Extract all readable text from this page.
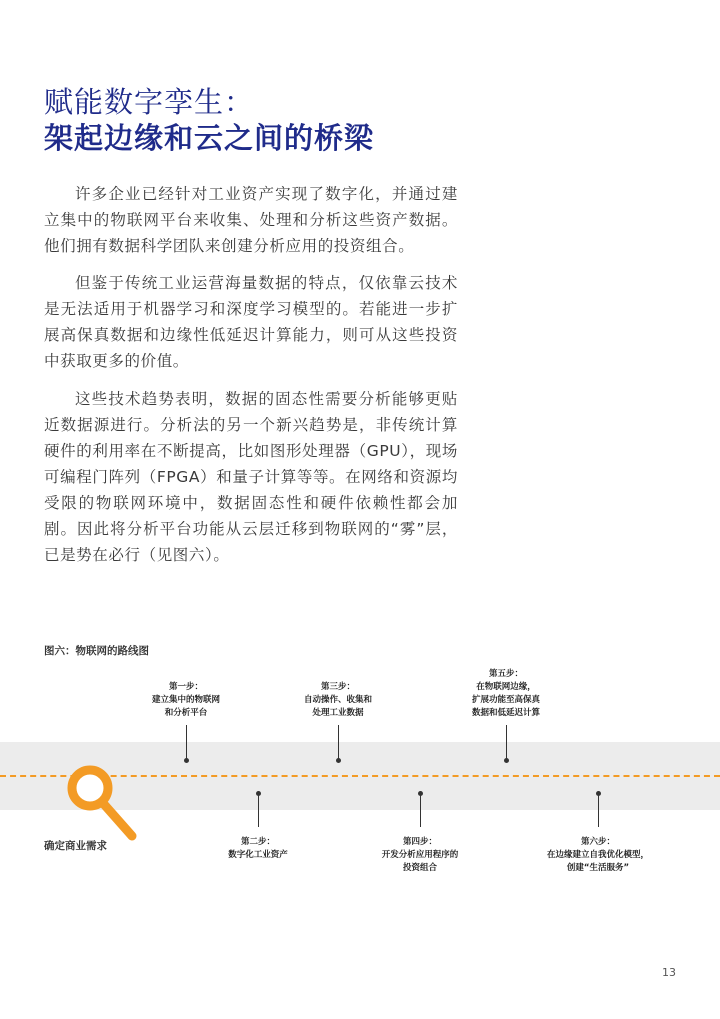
赋能数字孪生：
架起边缘和云之间的桥梁

许多企业已经针对工业资产实现了数字化，并通过建立集中的物联网平台来收集、处理和分析这些资产数据。他们拥有数据科学团队来创建分析应用的投资组合。

但鉴于传统工业运营海量数据的特点，仅依靠云技术是无法适用于机器学习和深度学习模型的。若能进一步扩展高保真数据和边缘性低延迟计算能力，则可从这些投资中获取更多的价值。

这些技术趋势表明，数据的固态性需要分析能够更贴近数据源进行。分析法的另一个新兴趋势是，非传统计算硬件的利用率在不断提高，比如图形处理器（GPU），现场可编程门阵列（FPGA）和量子计算等等。在网络和资源均受限的物联网环境中，数据固态性和硬件依赖性都会加剧。因此将分析平台功能从云层迁移到物联网的“雾”层，已是势在必行（见图六）。

图六：物联网的路线图
确定商业需求
第一步：
建立集中的物联网
和分析平台
第二步：
数字化工业资产
第三步：
自动操作、收集和
处理工业数据
第四步：
开发分析应用程序的
投资组合
第五步：
在物联网边缘，
扩展功能至高保真
数据和低延迟计算
第六步：
在边缘建立自我优化模型，
创建“生活服务”
13
